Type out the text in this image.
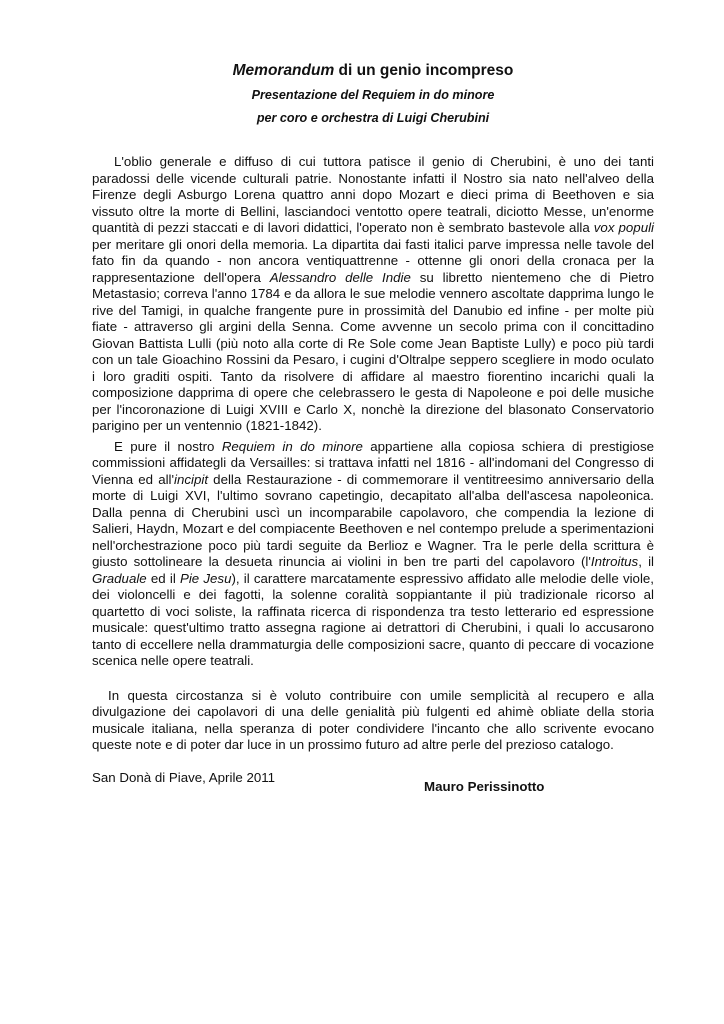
Memorandum di un genio incompreso
Presentazione del Requiem in do minore
per coro e orchestra di Luigi Cherubini

L'oblio generale e diffuso di cui tuttora patisce il genio di Cherubini, è uno dei tanti paradossi delle vicende culturali patrie. Nonostante infatti il Nostro sia nato nell'alveo della Firenze degli Asburgo Lorena quattro anni dopo Mozart e dieci prima di Beethoven e sia vissuto oltre la morte di Bellini, lasciandoci ventotto opere teatrali, diciotto Messe, un'enorme quantità di pezzi staccati e di lavori didattici, l'operato non è sembrato bastevole alla vox populi per meritare gli onori della memoria. La dipartita dai fasti italici parve impressa nelle tavole del fato fin da quando - non ancora ventiquattrenne - ottenne gli onori della cronaca per la rappresentazione dell'opera Alessandro delle Indie su libretto nientemeno che di Pietro Metastasio; correva l'anno 1784 e da allora le sue melodie vennero ascoltate dapprima lungo le rive del Tamigi, in qualche frangente pure in prossimità del Danubio ed infine - per molte più fiate - attraverso gli argini della Senna. Come avvenne un secolo prima con il concittadino Giovan Battista Lulli (più noto alla corte di Re Sole come Jean Baptiste Lully) e poco più tardi con un tale Gioachino Rossini da Pesaro, i cugini d'Oltralpe seppero scegliere in modo oculato i loro graditi ospiti. Tanto da risolvere di affidare al maestro fiorentino incarichi quali la composizione dapprima di opere che celebrassero le gesta di Napoleone e poi delle musiche per l'incoronazione di Luigi XVIII e Carlo X, nonchè la direzione del blasonato Conservatorio parigino per un ventennio (1821-1842).

E pure il nostro Requiem in do minore appartiene alla copiosa schiera di prestigiose commissioni affidategli da Versailles: si trattava infatti nel 1816 - all'indomani del Congresso di Vienna ed all'incipit della Restaurazione - di commemorare il ventitreesimo anniversario della morte di Luigi XVI, l'ultimo sovrano capetingio, decapitato all'alba dell'ascesa napoleonica. Dalla penna di Cherubini uscì un incomparabile capolavoro, che compendia la lezione di Salieri, Haydn, Mozart e del compiacente Beethoven e nel contempo prelude a sperimentazioni nell'orchestrazione poco più tardi seguite da Berlioz e Wagner. Tra le perle della scrittura è giusto sottolineare la desueta rinuncia ai violini in ben tre parti del capolavoro (l'Introitus, il Graduale ed il Pie Jesu), il carattere marcatamente espressivo affidato alle melodie delle viole, dei violoncelli e dei fagotti, la solenne coralità soppiantante il più tradizionale ricorso al quartetto di voci soliste, la raffinata ricerca di rispondenza tra testo letterario ed espressione musicale: quest'ultimo tratto assegna ragione ai detrattori di Cherubini, i quali lo accusarono tanto di eccellere nella drammaturgia delle composizioni sacre, quanto di peccare di vocazione scenica nelle opere teatrali.

In questa circostanza si è voluto contribuire con umile semplicità al recupero e alla divulgazione dei capolavori di una delle genialità più fulgenti ed ahimè obliate della storia musicale italiana, nella speranza di poter condividere l'incanto che allo scrivente evocano queste note e di poter dar luce in un prossimo futuro ad altre perle del prezioso catalogo.

San Donà di Piave, Aprile 2011

Mauro Perissinotto
